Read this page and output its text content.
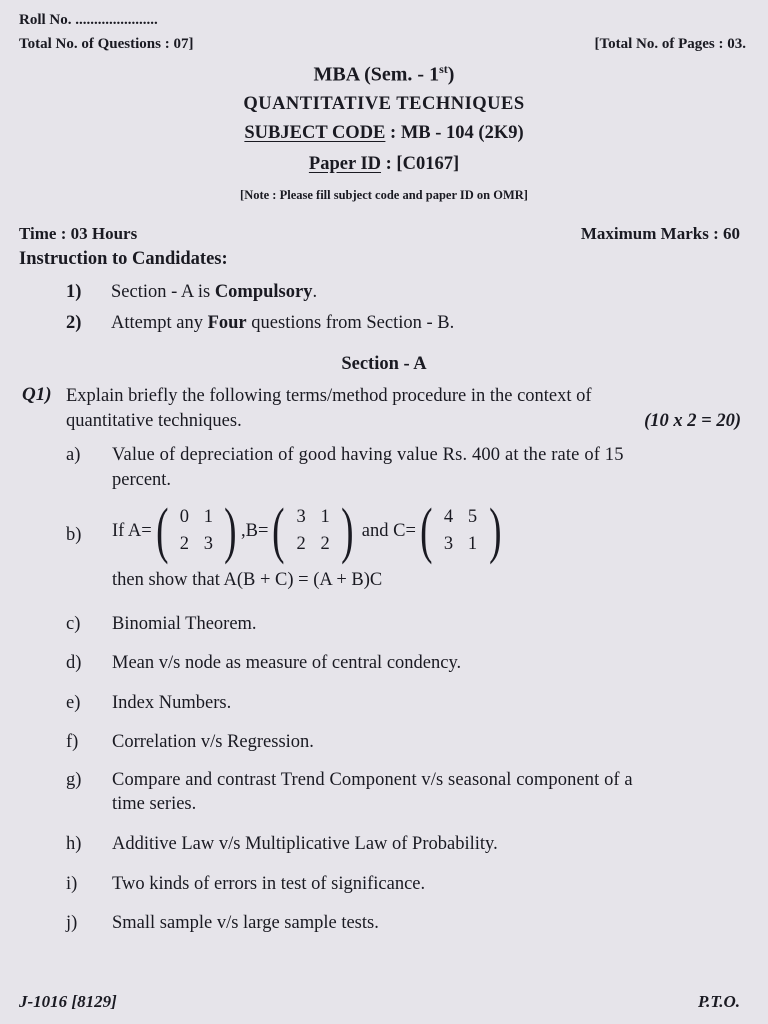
Roll No. ......................
Total No. of Questions : 07]	[Total No. of Pages : 03.
MBA (Sem. - 1st)
QUANTITATIVE TECHNIQUES
SUBJECT CODE : MB - 104 (2K9)
Paper ID : [C0167]
[Note : Please fill subject code and paper ID on OMR]
Time : 03 Hours	Maximum Marks : 60
Instruction to Candidates:
1) Section - A is Compulsory.
2) Attempt any Four questions from Section - B.
Section - A
Q1) Explain briefly the following terms/method procedure in the context of
quantitative techniques.	(10 x 2 = 20)
a) Value of depreciation of good having value Rs. 400 at the rate of 15
percent.
b) If A= ( 0 1
2 3 ) ,B= ( 3 1
2 2 ) and C= ( 4 5
3 1 )
then show that A(B + C) = (A + B)C
c) Binomial Theorem.
d) Mean v/s node as measure of central condency.
e) Index Numbers.
f) Correlation v/s Regression.
g) Compare and contrast Trend Component v/s seasonal component of a
time series.
h) Additive Law v/s Multiplicative Law of Probability.
i) Two kinds of errors in test of significance.
j) Small sample v/s large sample tests.
J-1016 [8129]	P.T.O.
